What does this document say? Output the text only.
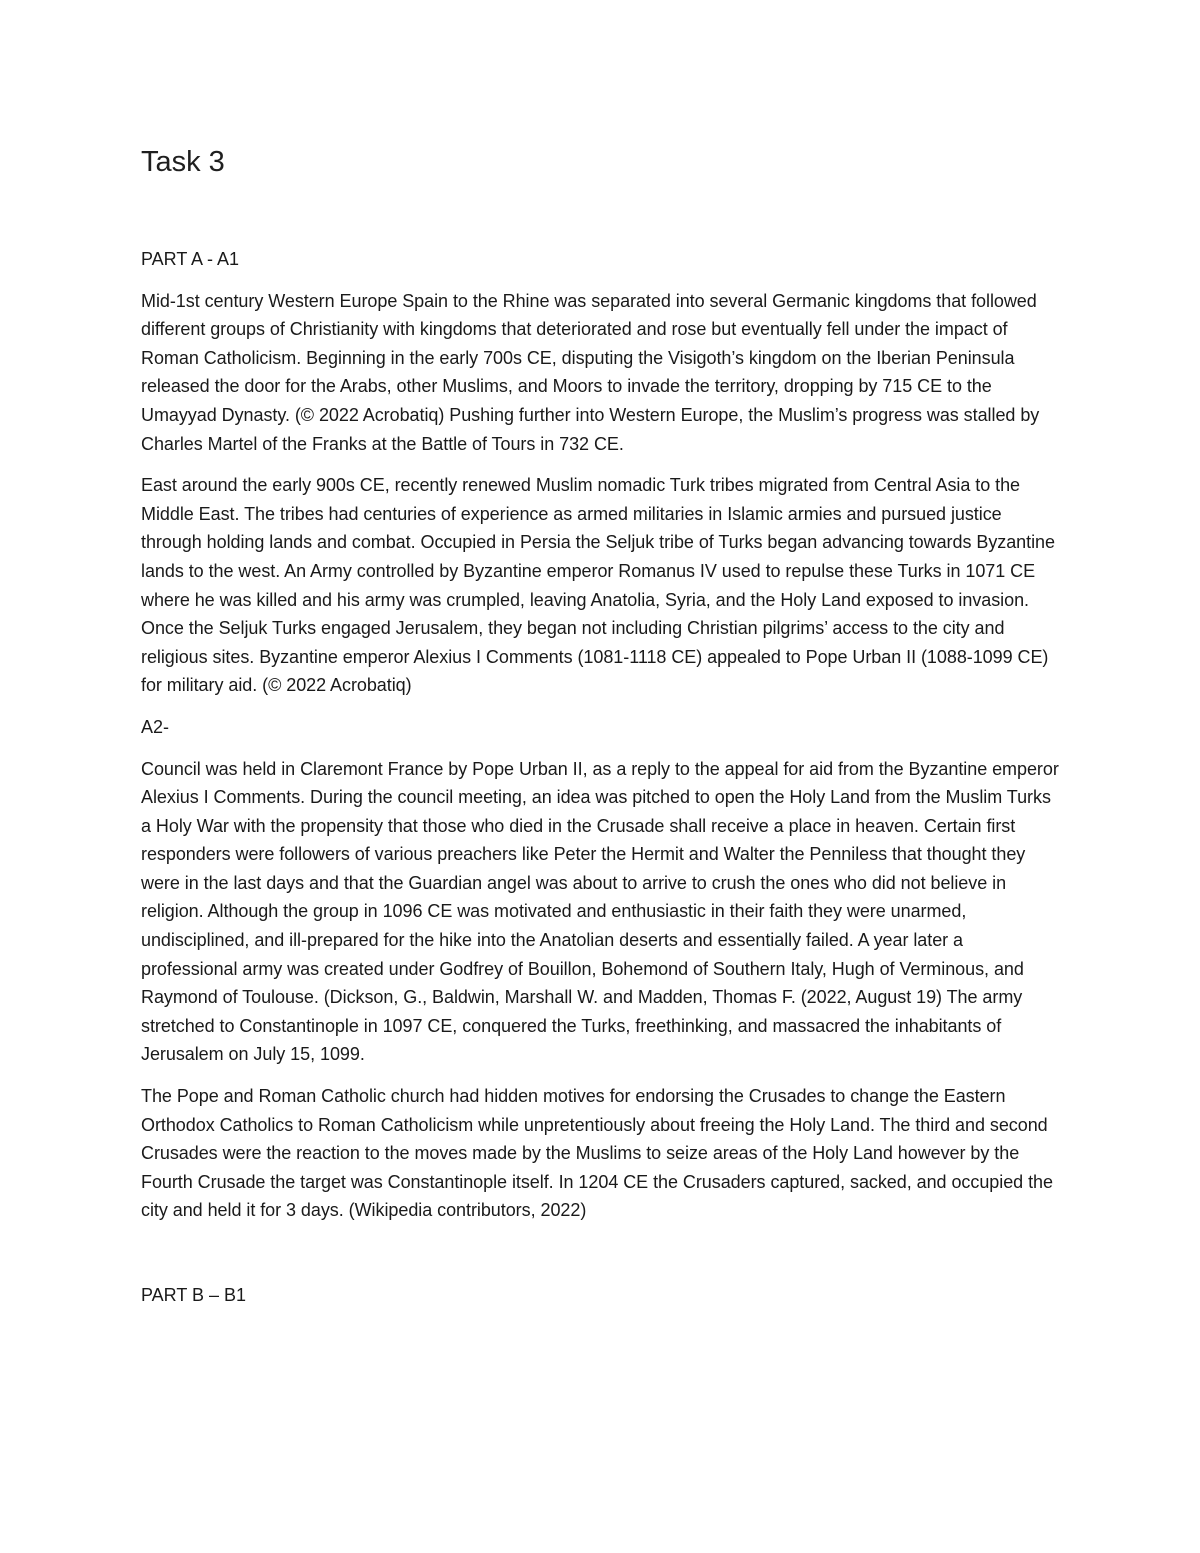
Task 3

PART A - A1

Mid-1st century Western Europe Spain to the Rhine was separated into several Germanic kingdoms that followed different groups of Christianity with kingdoms that deteriorated and rose but eventually fell under the impact of Roman Catholicism. Beginning in the early 700s CE, disputing the Visigoth’s kingdom on the Iberian Peninsula released the door for the Arabs, other Muslims, and Moors to invade the territory, dropping by 715 CE to the Umayyad Dynasty. (© 2022 Acrobatiq) Pushing further into Western Europe, the Muslim’s progress was stalled by Charles Martel of the Franks at the Battle of Tours in 732 CE.

East around the early 900s CE, recently renewed Muslim nomadic Turk tribes migrated from Central Asia to the Middle East. The tribes had centuries of experience as armed militaries in Islamic armies and pursued justice through holding lands and combat. Occupied in Persia the Seljuk tribe of Turks began advancing towards Byzantine lands to the west. An Army controlled by Byzantine emperor Romanus IV used to repulse these Turks in 1071 CE where he was killed and his army was crumpled, leaving Anatolia, Syria, and the Holy Land exposed to invasion. Once the Seljuk Turks engaged Jerusalem, they began not including Christian pilgrims’ access to the city and religious sites. Byzantine emperor Alexius I Comments (1081-1118 CE) appealed to Pope Urban II (1088-1099 CE) for military aid. (© 2022 Acrobatiq)

A2-

Council was held in Claremont France by Pope Urban II, as a reply to the appeal for aid from the Byzantine emperor Alexius I Comments. During the council meeting, an idea was pitched to open the Holy Land from the Muslim Turks a Holy War with the propensity that those who died in the Crusade shall receive a place in heaven. Certain first responders were followers of various preachers like Peter the Hermit and Walter the Penniless that thought they were in the last days and that the Guardian angel was about to arrive to crush the ones who did not believe in religion. Although the group in 1096 CE was motivated and enthusiastic in their faith they were unarmed, undisciplined, and ill-prepared for the hike into the Anatolian deserts and essentially failed. A year later a professional army was created under Godfrey of Bouillon, Bohemond of Southern Italy, Hugh of Verminous, and Raymond of Toulouse. (Dickson, G., Baldwin, Marshall W. and Madden, Thomas F. (2022, August 19) The army stretched to Constantinople in 1097 CE, conquered the Turks, freethinking, and massacred the inhabitants of Jerusalem on July 15, 1099.

The Pope and Roman Catholic church had hidden motives for endorsing the Crusades to change the Eastern Orthodox Catholics to Roman Catholicism while unpretentiously about freeing the Holy Land. The third and second Crusades were the reaction to the moves made by the Muslims to seize areas of the Holy Land however by the Fourth Crusade the target was Constantinople itself. In 1204 CE the Crusaders captured, sacked, and occupied the city and held it for 3 days. (Wikipedia contributors, 2022)

PART B – B1
